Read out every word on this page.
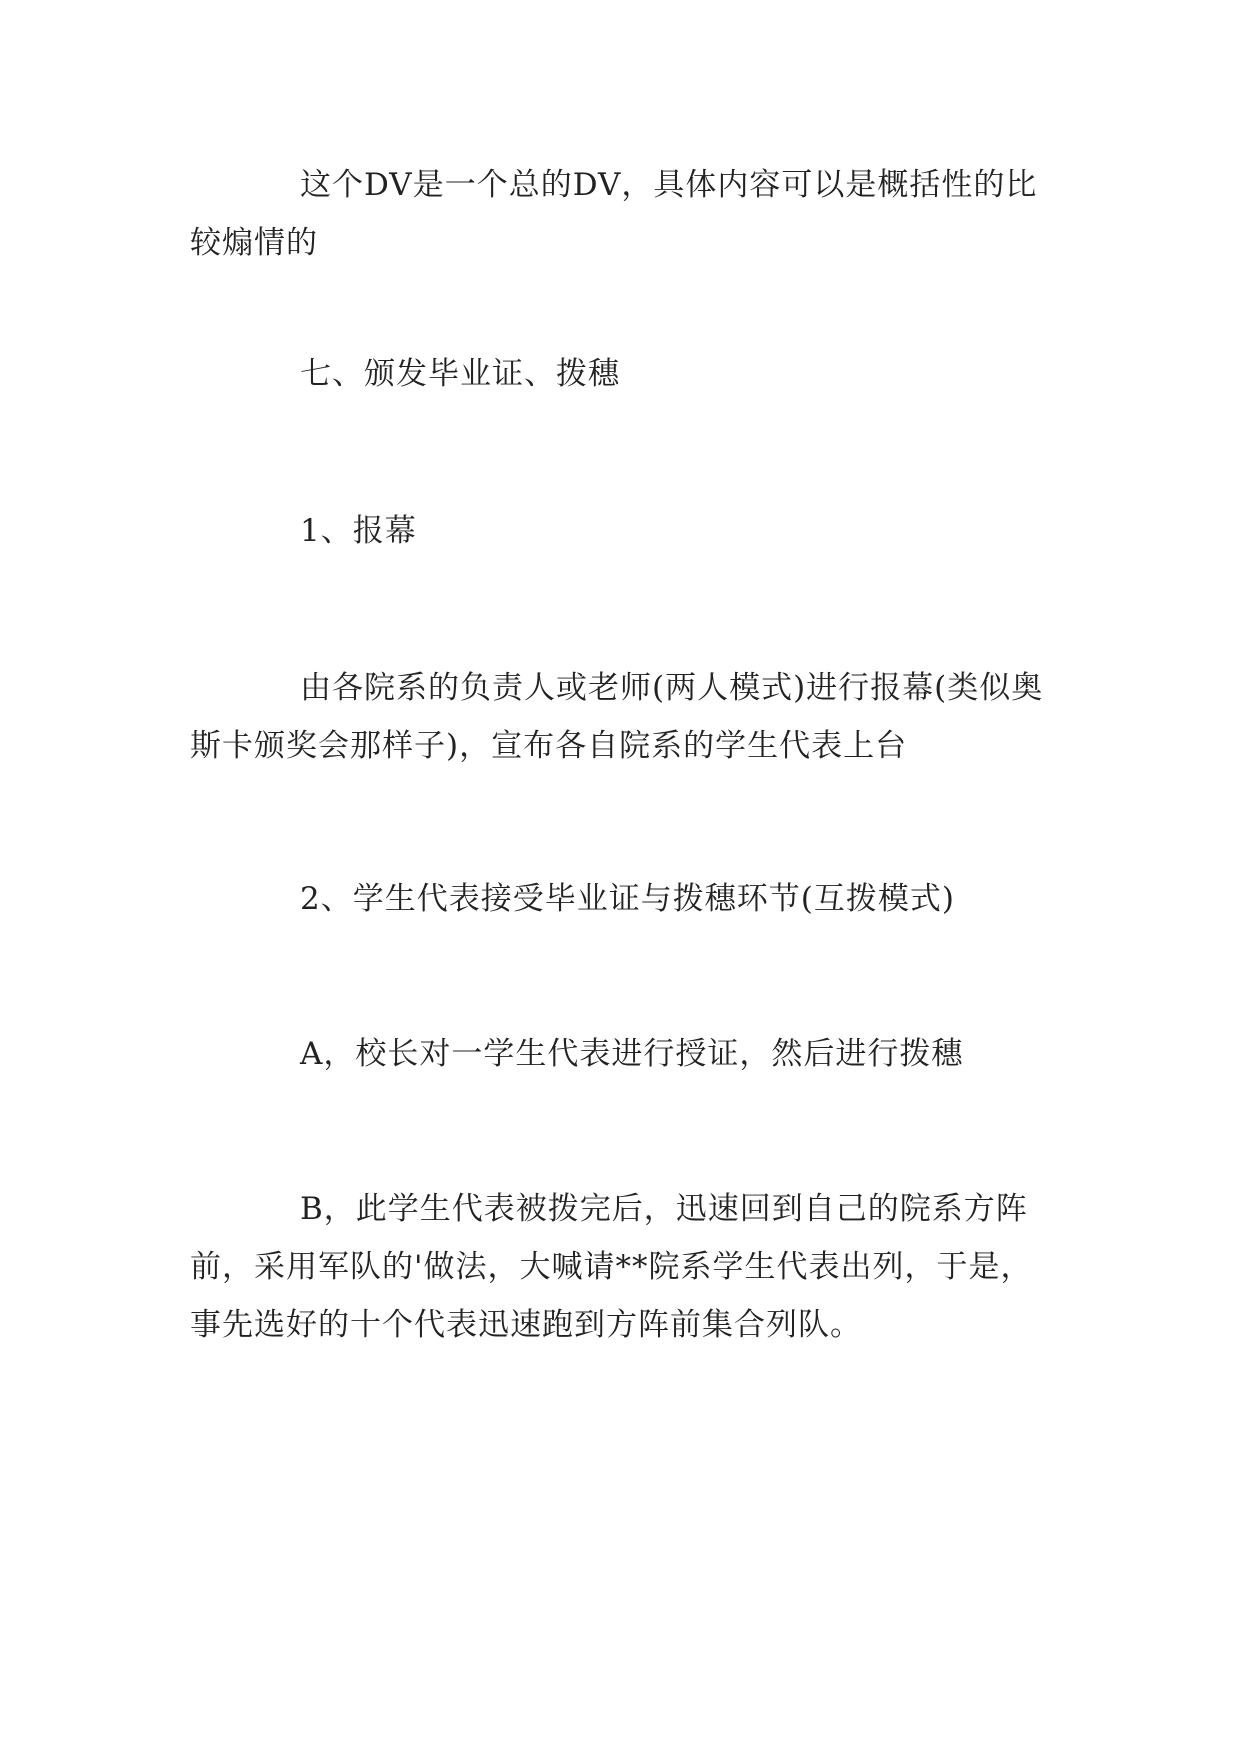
这个DV是一个总的DV，具体内容可以是概括性的比较煽情的

七、颁发毕业证、拨穗

1、报幕

由各院系的负责人或老师(两人模式)进行报幕(类似奥斯卡颁奖会那样子)，宣布各自院系的学生代表上台

2、学生代表接受毕业证与拨穗环节(互拨模式)

A，校长对一学生代表进行授证，然后进行拨穗

B，此学生代表被拨完后，迅速回到自己的院系方阵前，采用军队的'做法，大喊请**院系学生代表出列，于是，事先选好的十个代表迅速跑到方阵前集合列队。
